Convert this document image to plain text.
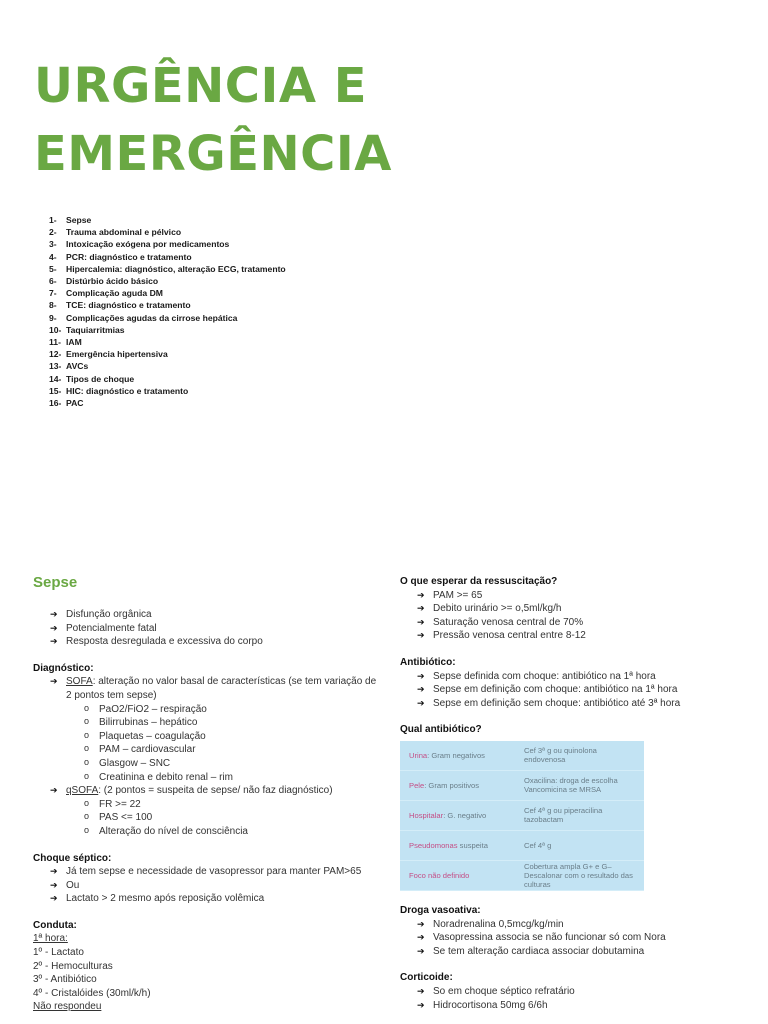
URGÊNCIA E
EMERGÊNCIA
1- Sepse
2- Trauma abdominal e pélvico
3- Intoxicação exógena por medicamentos
4- PCR: diagnóstico e tratamento
5- Hipercalemia: diagnóstico, alteração ECG, tratamento
6- Distúrbio ácido básico
7- Complicação aguda DM
8- TCE: diagnóstico e tratamento
9- Complicações agudas da cirrose hepática
10- Taquiarritmias
11- IAM
12- Emergência hipertensiva
13- AVCs
14- Tipos de choque
15- HIC: diagnóstico e tratamento
16- PAC
Sepse
➔ Disfunção orgânica
➔ Potencialmente fatal
➔ Resposta desregulada e excessiva do corpo
Diagnóstico:
➔ SOFA: alteração no valor basal de características (se tem variação de 2 pontos tem sepse)
o PaO2/FiO2 – respiração
o Bilirrubinas – hepático
o Plaquetas – coagulação
o PAM – cardiovascular
o Glasgow – SNC
o Creatinina e debito renal – rim
➔ qSOFA: (2 pontos = suspeita de sepse/ não faz diagnóstico)
o FR >= 22
o PAS <= 100
o Alteração do nível de consciência
Choque séptico:
➔ Já tem sepse e necessidade de vasopressor para manter PAM>65
➔ Ou
➔ Lactato > 2 mesmo após reposição volêmica
Conduta:
1ª hora:
1º - Lactato
2º - Hemoculturas
3º - Antibiótico
4º - Cristalóides (30ml/k/h)
Não respondeu
O que esperar da ressuscitação?
➔ PAM >= 65
➔ Debito urinário >= o,5ml/kg/h
➔ Saturação venosa central de 70%
➔ Pressão venosa central entre 8-12
Antibiótico:
➔ Sepse definida com choque: antibiótico na 1ª hora
➔ Sepse em definição com choque: antibiótico na 1ª hora
➔ Sepse em definição sem choque: antibiótico até 3ª hora
Qual antibiótico?
Urina: Gram negativos	Cef 3ª g ou quinolona endovenosa
Pele: Gram positivos	Oxacilina: droga de escolha Vancomicina se MRSA
Hospitalar: G. negativo	Cef 4ª g ou piperacilina tazobactam
Pseudomonas suspeita	Cef 4ª g
Foco não definido	Cobertura ampla G+ e G– Descalonar com o resultado das culturas
Droga vasoativa:
➔ Noradrenalina 0,5mcg/kg/min
➔ Vasopressina associa se não funcionar só com Nora
➔ Se tem alteração cardiaca associar dobutamina
Corticoide:
➔ So em choque séptico refratário
➔ Hidrocortisona 50mg 6/6h
